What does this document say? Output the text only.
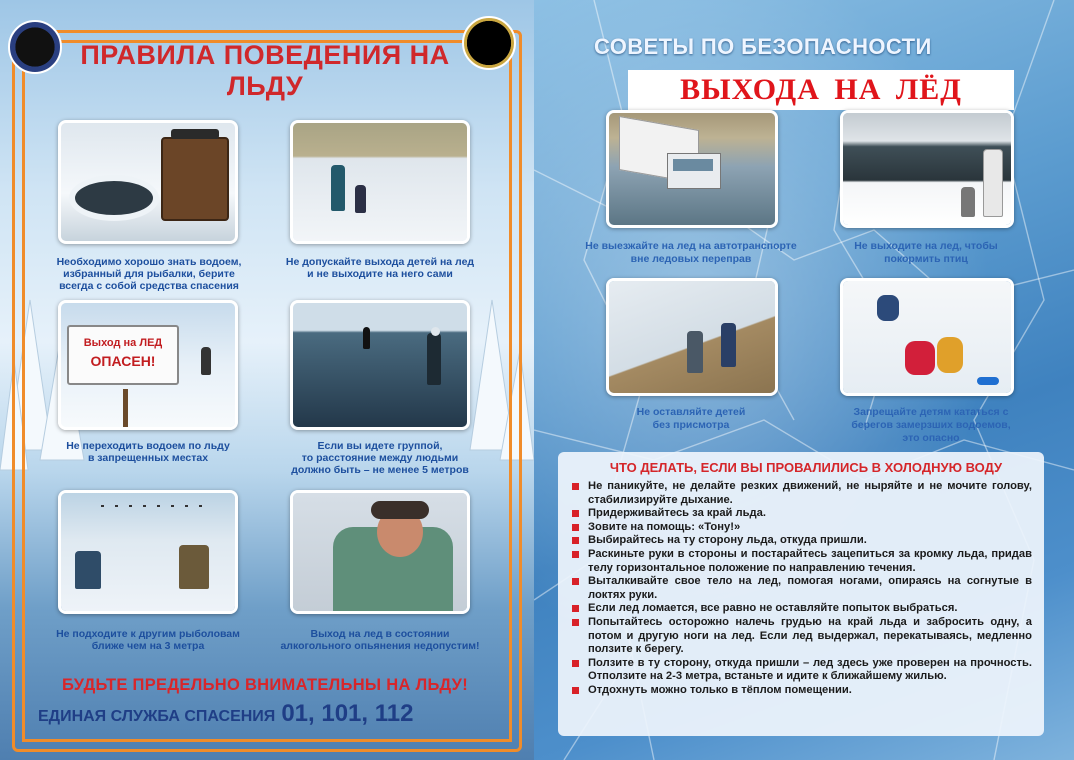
ПРАВИЛА ПОВЕДЕНИЯ НА ЛЬДУ
Необходимо хорошо знать водоем,
избранный для рыбалки, берите
всегда с собой средства спасения
Не допускайте выхода детей на лед
и не выходите на него сами
Выход на ЛЕД
ОПАСЕН!
Не переходить водоем по льду
в запрещенных местах
Если вы идете группой,
то расстояние между людьми
должно быть – не менее 5 метров
Не подходите к другим рыболовам
ближе чем на 3 метра
Выход на лед в состоянии
алкогольного опьянения недопустим!
БУДЬТЕ ПРЕДЕЛЬНО ВНИМАТЕЛЬНЫ НА ЛЬДУ!
ЕДИНАЯ СЛУЖБА СПАСЕНИЯ 01, 101, 112
СОВЕТЫ ПО БЕЗОПАСНОСТИ
ВЫХОДА НА ЛЁД
Не выезжайте на лед на автотранспорте
вне ледовых переправ
Не выходите на лед, чтобы
покормить птиц
Не оставляйте детей
без присмотра
Запрещайте детям кататься с
берегов замерзших водоемов,
это опасно
ЧТО ДЕЛАТЬ, ЕСЛИ ВЫ ПРОВАЛИЛИСЬ В ХОЛОДНУЮ ВОДУ
Не паникуйте, не делайте резких движений, не ныряйте и не мочите голову, стабилизируйте дыхание.
Придерживайтесь за край льда.
Зовите на помощь: «Тону!»
Выбирайтесь на ту сторону льда, откуда пришли.
Раскиньте руки в стороны и постарайтесь зацепиться за кромку льда, придав телу горизонтальное положение по направлению течения.
Выталкивайте свое тело на лед, помогая ногами, опираясь на согнутые в локтях руки.
Если лед ломается, все равно не оставляйте попыток выбраться.
Попытайтесь осторожно налечь грудью на край льда и забросить одну, а потом и другую ноги на лед. Если лед выдержал, перекатываясь, медленно ползите к берегу.
Ползите в ту сторону, откуда пришли – лед здесь уже проверен на прочность. Отползите на 2-3 метра, встаньте и идите к ближайшему жилью.
Отдохнуть можно только в тёплом помещении.
